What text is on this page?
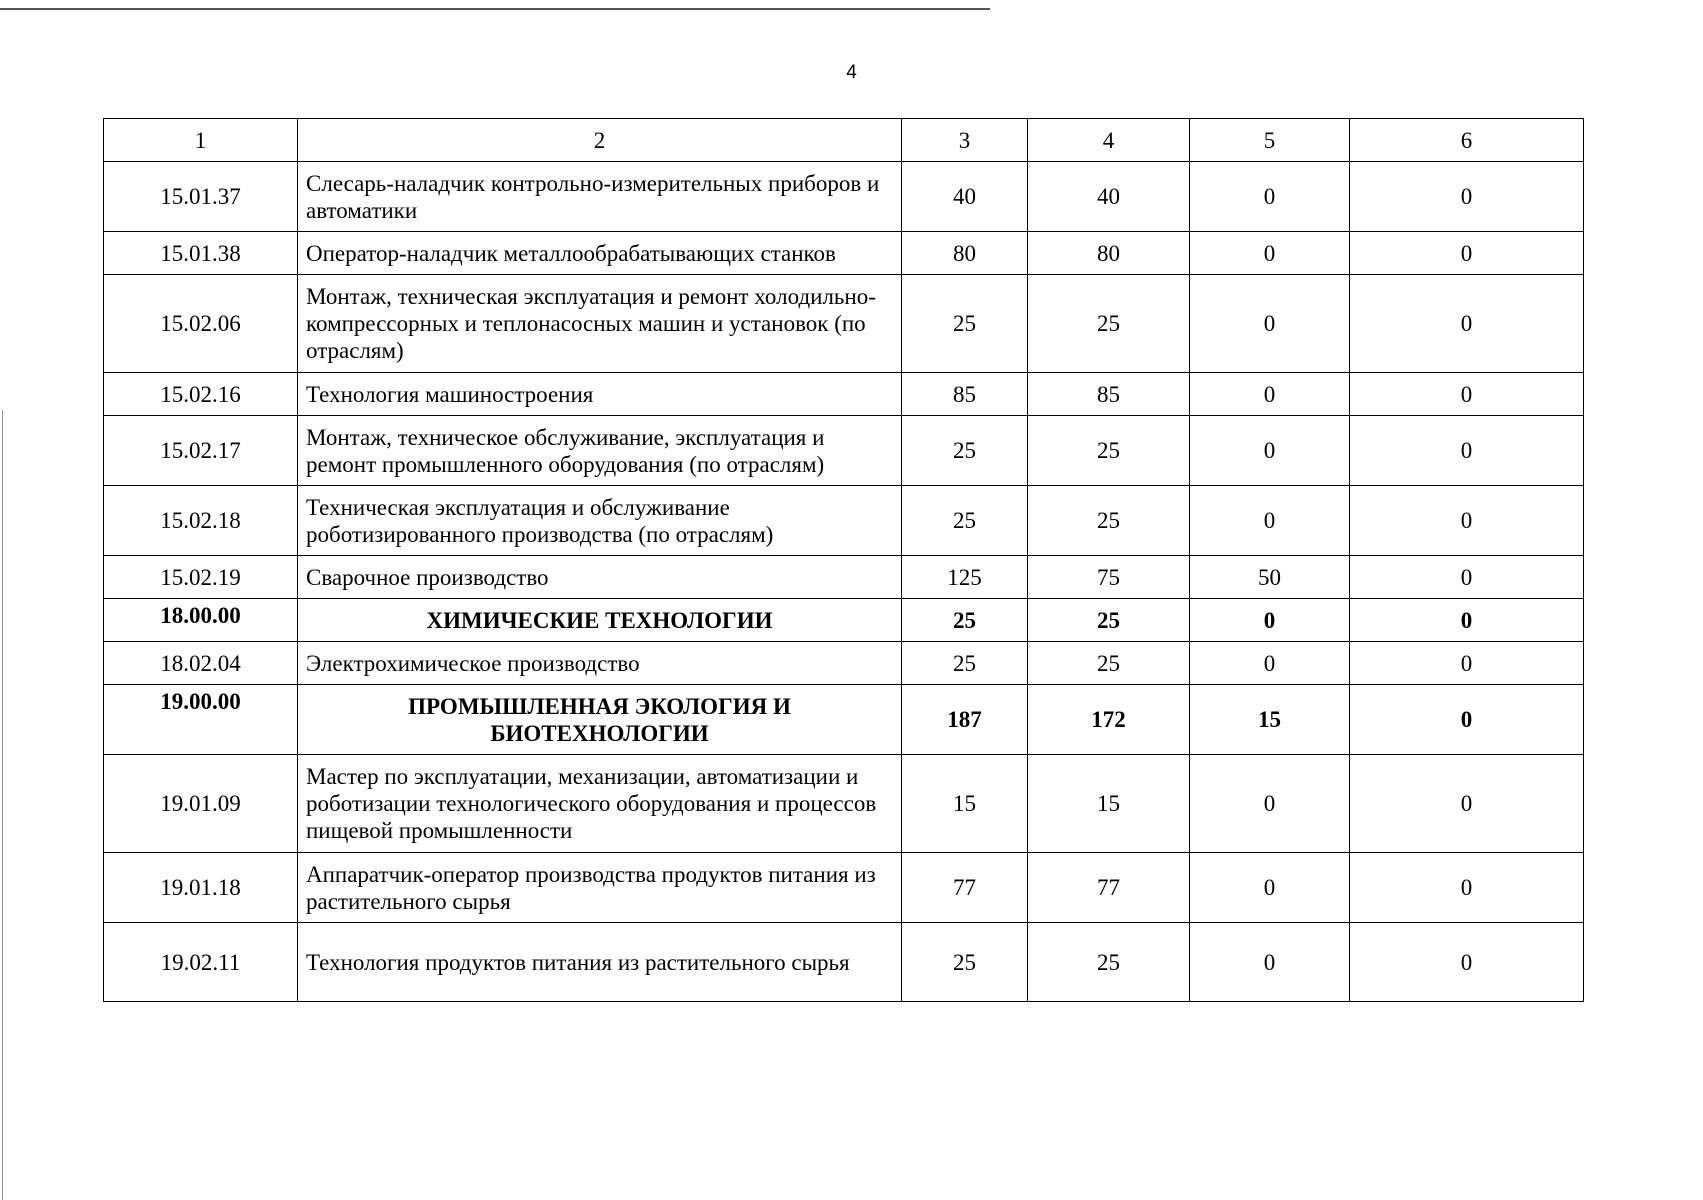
4
1	2	3	4	5	6
15.01.37	Слесарь-наладчик контрольно-измерительных приборов и автоматики	40	40	0	0
15.01.38	Оператор-наладчик металлообрабатывающих станков	80	80	0	0
15.02.06	Монтаж, техническая эксплуатация и ремонт холодильно-компрессорных и теплонасосных машин и установок (по отраслям)	25	25	0	0
15.02.16	Технология машиностроения	85	85	0	0
15.02.17	Монтаж, техническое обслуживание, эксплуатация и ремонт промышленного оборудования (по отраслям)	25	25	0	0
15.02.18	Техническая эксплуатация и обслуживание роботизированного производства (по отраслям)	25	25	0	0
15.02.19	Сварочное производство	125	75	50	0
18.00.00	ХИМИЧЕСКИЕ ТЕХНОЛОГИИ	25	25	0	0
18.02.04	Электрохимическое производство	25	25	0	0
19.00.00	ПРОМЫШЛЕННАЯ ЭКОЛОГИЯ И БИОТЕХНОЛОГИИ	187	172	15	0
19.01.09	Мастер по эксплуатации, механизации, автоматизации и роботизации технологического оборудования и процессов пищевой промышленности	15	15	0	0
19.01.18	Аппаратчик-оператор производства продуктов питания из растительного сырья	77	77	0	0
19.02.11	Технология продуктов питания из растительного сырья	25	25	0	0
